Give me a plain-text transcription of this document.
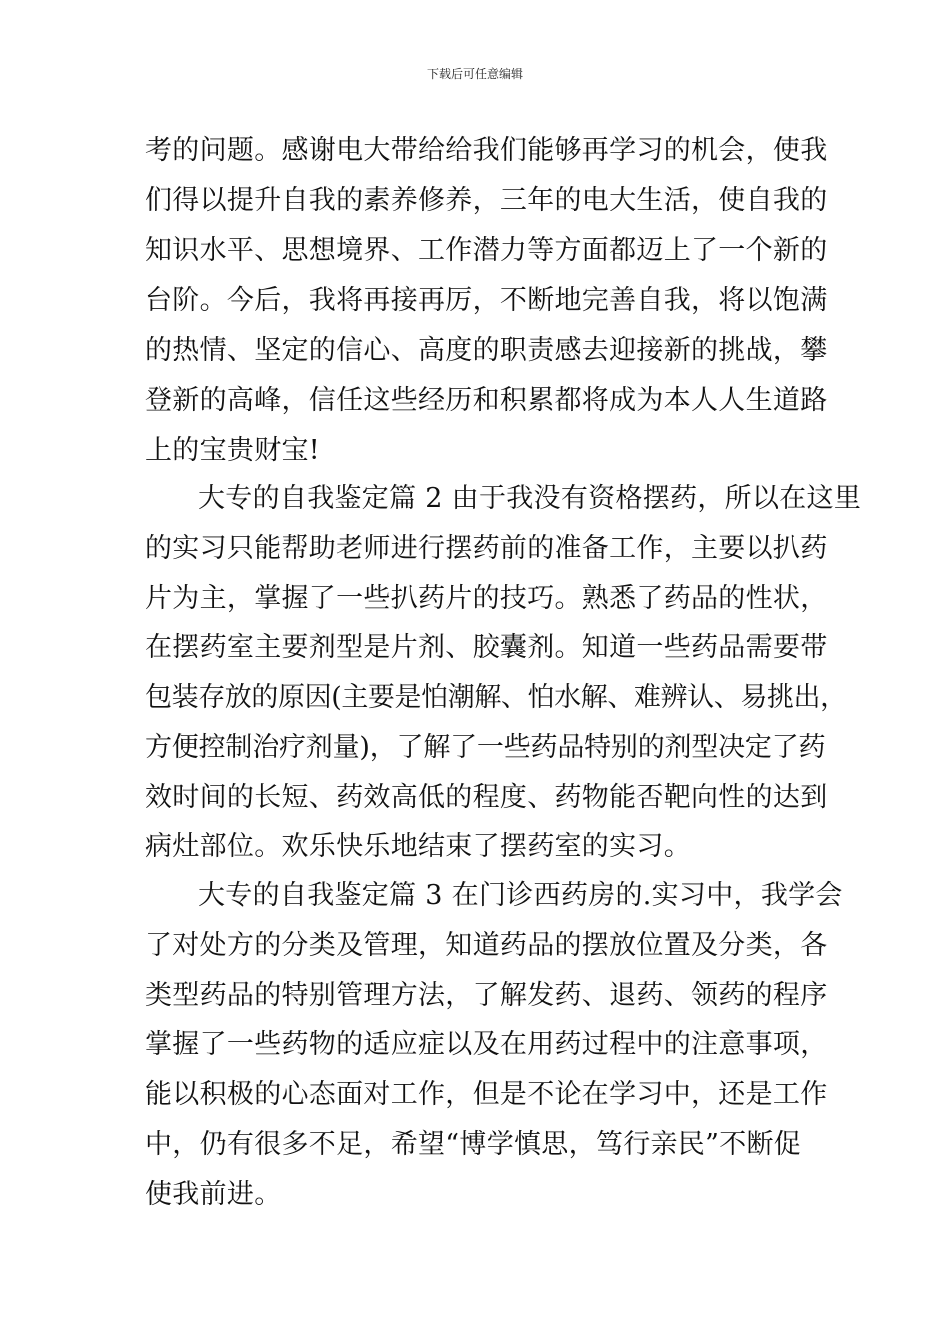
下载后可任意编辑
考的问题。感谢电大带给给我们能够再学习的机会，使我
们得以提升自我的素养修养，三年的电大生活，使自我的
知识水平、思想境界、工作潜力等方面都迈上了一个新的
台阶。今后，我将再接再厉，不断地完善自我，将以饱满
的热情、坚定的信心、高度的职责感去迎接新的挑战，攀
登新的高峰，信任这些经历和积累都将成为本人人生道路
上的宝贵财宝!
大专的自我鉴定篇 2 由于我没有资格摆药，所以在这里
的实习只能帮助老师进行摆药前的准备工作，主要以扒药
片为主，掌握了一些扒药片的技巧。熟悉了药品的性状，
在摆药室主要剂型是片剂、胶囊剂。知道一些药品需要带
包装存放的原因(主要是怕潮解、怕水解、难辨认、易挑出，
方便控制治疗剂量)，了解了一些药品特别的剂型决定了药
效时间的长短、药效高低的程度、药物能否靶向性的达到
病灶部位。欢乐快乐地结束了摆药室的实习。
大专的自我鉴定篇 3 在门诊西药房的.实习中，我学会
了对处方的分类及管理，知道药品的摆放位置及分类，各
类型药品的特别管理方法，了解发药、退药、领药的程序
掌握了一些药物的适应症以及在用药过程中的注意事项，
能以积极的心态面对工作，但是不论在学习中，还是工作
中，仍有很多不足，希望“博学慎思，笃行亲民”不断促
使我前进。
